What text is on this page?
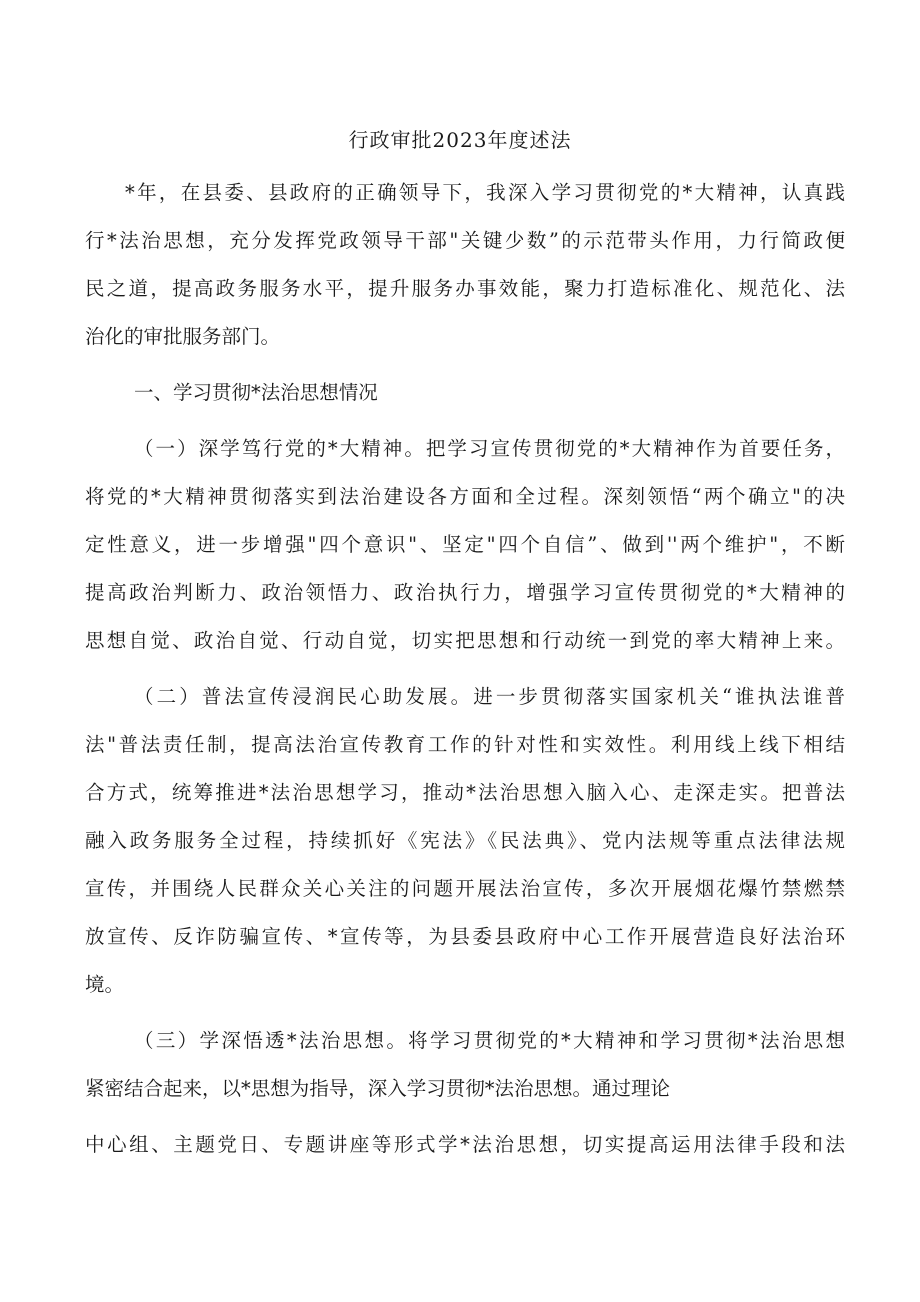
行政审批2023年度述法
*年，在县委、县政府的正确领导下，我深入学习贯彻党的*大精神，认真践
行*法治思想，充分发挥党政领导干部"关键少数”的示范带头作用，力行简政便
民之道，提高政务服务水平，提升服务办事效能，聚力打造标准化、规范化、法
治化的审批服务部门。
一、学习贯彻*法治思想情况
（一）深学笃行党的*大精神。把学习宣传贯彻党的*大精神作为首要任务，
将党的*大精神贯彻落实到法治建设各方面和全过程。深刻领悟“两个确立"的决
定性意义，进一步增强"四个意识"、坚定"四个自信”、做到''两个维护"，不断
提高政治判断力、政治领悟力、政治执行力，增强学习宣传贯彻党的*大精神的
思想自觉、政治自觉、行动自觉，切实把思想和行动统一到党的率大精神上来。
（二）普法宣传浸润民心助发展。进一步贯彻落实国家机关“谁执法谁普
法"普法责任制，提高法治宣传教育工作的针对性和实效性。利用线上线下相结
合方式，统筹推进*法治思想学习，推动*法治思想入脑入心、走深走实。把普法
融入政务服务全过程，持续抓好《宪法》《民法典》、党内法规等重点法律法规
宣传，并围绕人民群众关心关注的问题开展法治宣传，多次开展烟花爆竹禁燃禁
放宣传、反诈防骗宣传、*宣传等，为县委县政府中心工作开展营造良好法治环
境。
（三）学深悟透*法治思想。将学习贯彻党的*大精神和学习贯彻*法治思想
紧密结合起来，以*思想为指导，深入学习贯彻*法治思想。通过理论
中心组、主题党日、专题讲座等形式学*法治思想，切实提高运用法律手段和法
